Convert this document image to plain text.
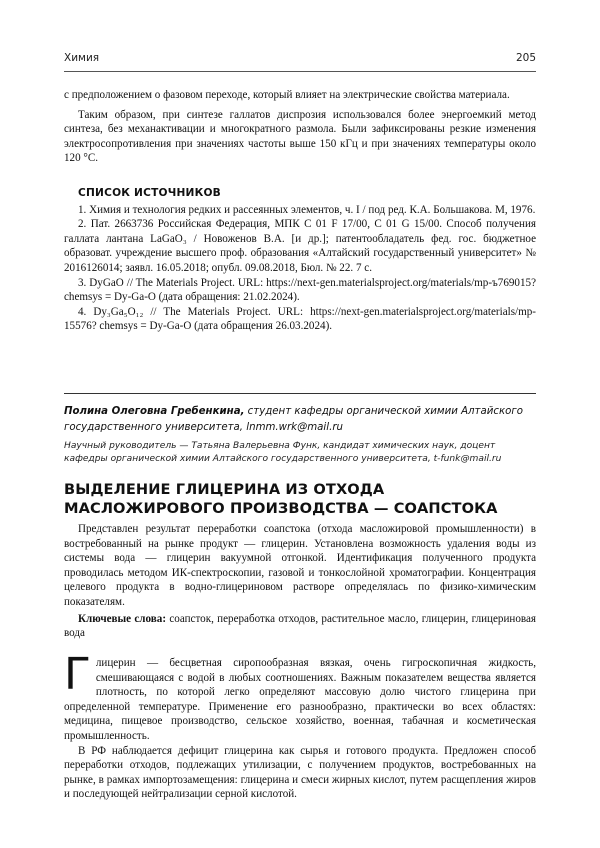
Химия	205

с предположением о фазовом переходе, который влияет на электрические свойства материала.

Таким образом, при синтезе галлатов диспрозия использовался более энергоемкий метод синтеза, без механактивации и многократного размола. Были зафиксированы резкие изменения электросопротивления при значениях частоты выше 150 кГц и при значениях температуры около 120 °С.

СПИСОК ИСТОЧНИКОВ

1. Химия и технология редких и рассеянных элементов, ч. I / под ред. К.А. Большакова. М, 1976.

2. Пат. 2663736 Российская Федерация, МПК C 01 F 17/00, C 01 G 15/00. Способ получения галлата лантана LaGaO₃ / Новоженов В.А. [и др.]; патентообладатель фед. гос. бюджетное образоват. учреждение высшего проф. образования «Алтайский государственный университет» № 2016126014; заявл. 16.05.2018; опубл. 09.08.2018, Бюл. № 22. 7 с.

3. DyGaO // The Materials Project. URL: https://next-gen.materialsproject.org/materials/mp-ъ769015? chemsys = Dy-Ga-O (дата обращения: 21.02.2024).

4. Dy₃Ga₅O₁₂ // The Materials Project. URL: https://next-gen.materialsproject.org/materials/mp-15576? chemsys = Dy-Ga-O (дата обращения 26.03.2024).

Полина Олеговна Гребенкина, студент кафедры органической химии Алтайского государственного университета, lnmm.wrk@mail.ru
Научный руководитель — Татьяна Валерьевна Функ, кандидат химических наук, доцент кафедры органической химии Алтайского государственного университета, t-funk@mail.ru
ВЫДЕЛЕНИЕ ГЛИЦЕРИНА ИЗ ОТХОДА МАСЛОЖИРОВОГО ПРОИЗВОДСТВА — СОАПСТОКА

Представлен результат переработки соапстока (отхода масложировой промышленности) в востребованный на рынке продукт — глицерин. Установлена возможность удаления воды из системы вода — глицерин вакуумной отгонкой. Идентификация полученного продукта проводилась методом ИК-спектроскопии, газовой и тонкослойной хроматографии. Концентрация целевого продукта в водно-глицериновом растворе определялась по физико-химическим показателям.

Ключевые слова: соапсток, переработка отходов, растительное масло, глицерин, глицериновая вода

Г лицерин — бесцветная сиропообразная вязкая, очень гигроскопичная жидкость, смешивающаяся с водой в любых соотношениях. Важным показателем вещества является плотность, по которой легко определяют массовую долю чистого глицерина при определенной температуре. Применение его разнообразно, практически во всех областях: медицина, пищевое производство, сельское хозяйство, военная, табачная и косметическая промышленность.

В РФ наблюдается дефицит глицерина как сырья и готового продукта. Предложен способ переработки отходов, подлежащих утилизации, с получением продуктов, востребованных на рынке, в рамках импортозамещения: глицерина и смеси жирных кислот, путем расщепления жиров и последующей нейтрализации серной кислотой.
